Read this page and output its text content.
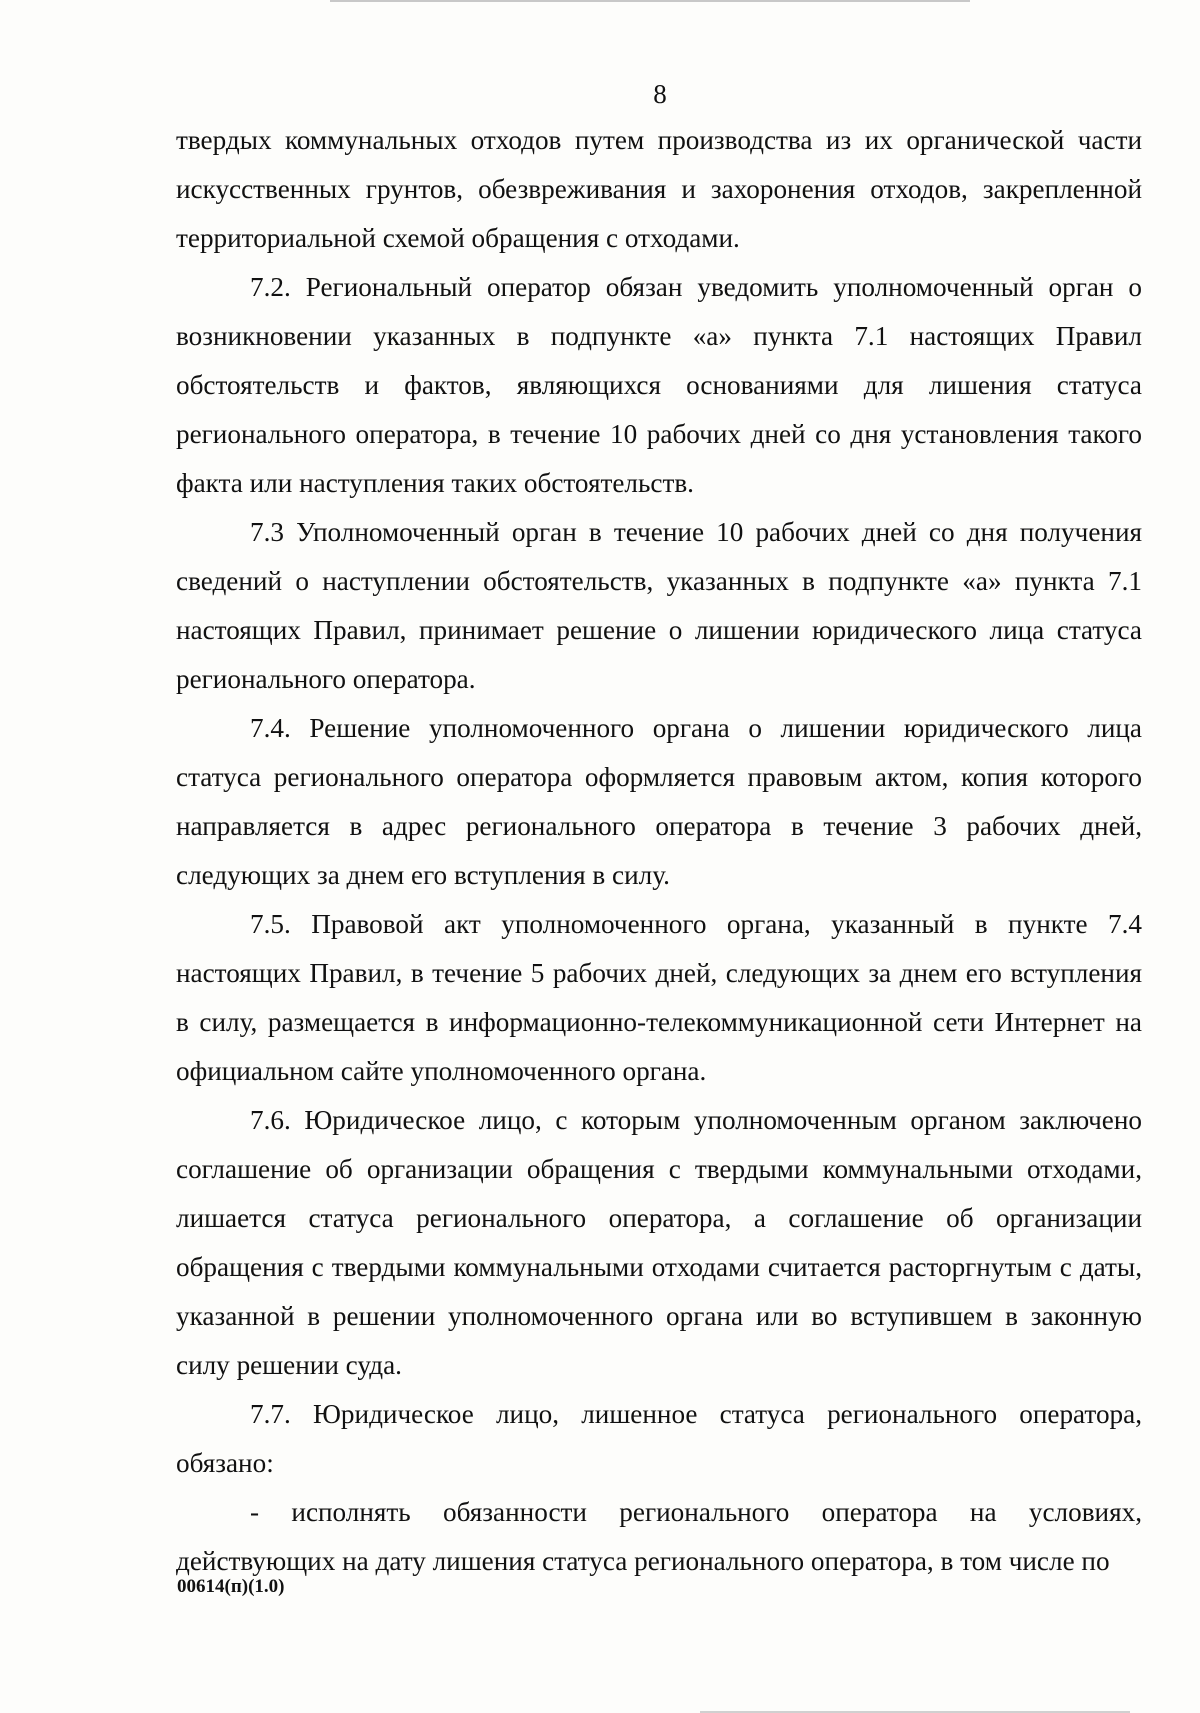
8

твердых коммунальных отходов путем производства из их органической части искусственных грунтов, обезвреживания и захоронения отходов, закрепленной территориальной схемой обращения с отходами.

7.2. Региональный оператор обязан уведомить уполномоченный орган о возникновении указанных в подпункте «а» пункта 7.1 настоящих Правил обстоятельств и фактов, являющихся основаниями для лишения статуса регионального оператора, в течение 10 рабочих дней со дня установления такого факта или наступления таких обстоятельств.

7.3 Уполномоченный орган в течение 10 рабочих дней со дня получения сведений о наступлении обстоятельств, указанных в подпункте «а» пункта 7.1 настоящих Правил, принимает решение о лишении юридического лица статуса регионального оператора.

7.4. Решение уполномоченного органа о лишении юридического лица статуса регионального оператора оформляется правовым актом, копия которого направляется в адрес регионального оператора в течение 3 рабочих дней, следующих за днем его вступления в силу.

7.5. Правовой акт уполномоченного органа, указанный в пункте 7.4 настоящих Правил, в течение 5 рабочих дней, следующих за днем его вступления в силу, размещается в информационно-телекоммуникационной сети Интернет на официальном сайте уполномоченного органа.

7.6. Юридическое лицо, с которым уполномоченным органом заключено соглашение об организации обращения с твердыми коммунальными отходами, лишается статуса регионального оператора, а соглашение об организации обращения с твердыми коммунальными отходами считается расторгнутым с даты, указанной в решении уполномоченного органа или во вступившем в законную силу решении суда.

7.7. Юридическое лицо, лишенное статуса регионального оператора, обязано:

- исполнять обязанности регионального оператора на условиях, действующих на дату лишения статуса регионального оператора, в том числе по

00614(п)(1.0)
